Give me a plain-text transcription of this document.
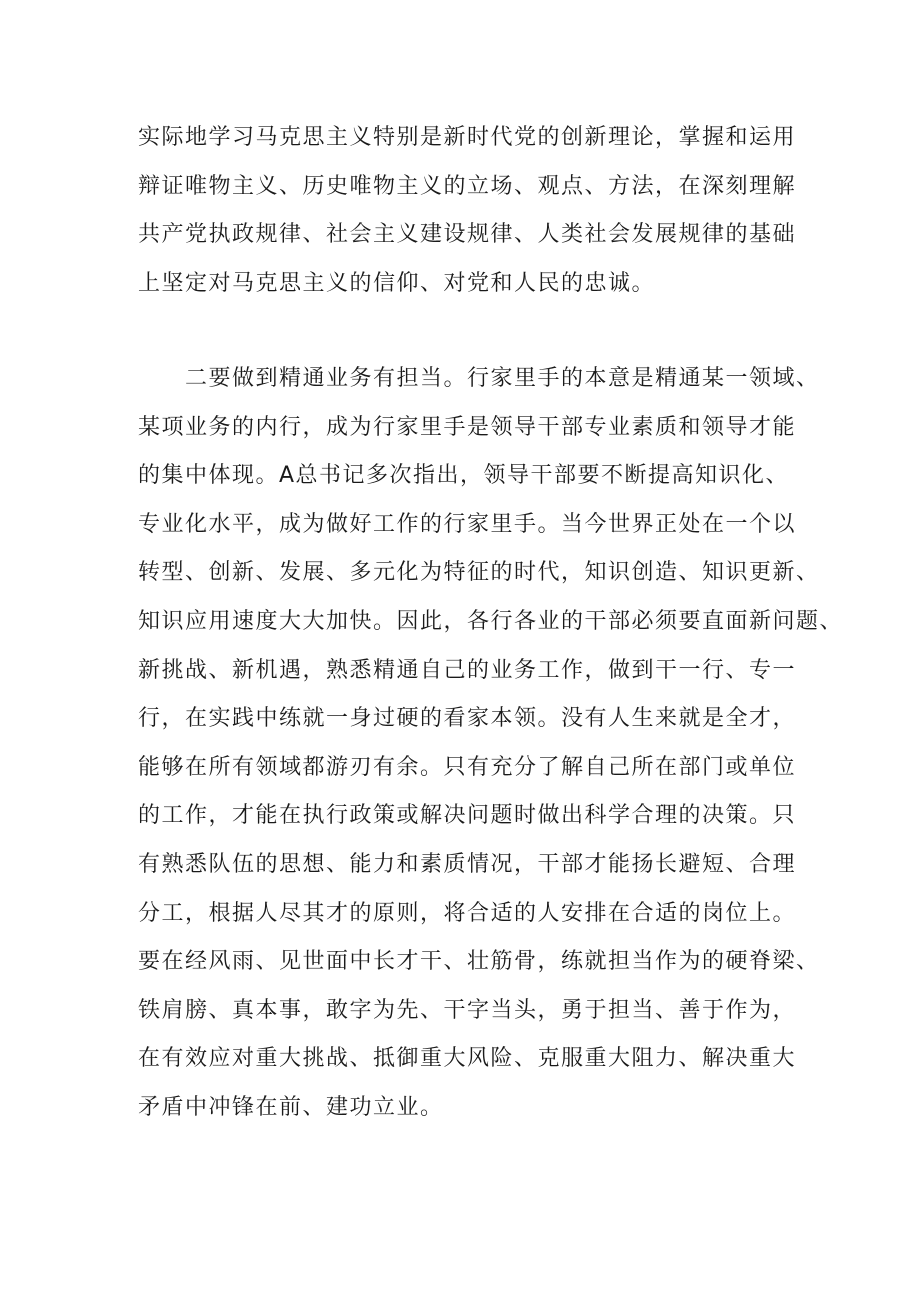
实际地学习马克思主义特别是新时代党的创新理论，掌握和运用
辩证唯物主义、历史唯物主义的立场、观点、方法，在深刻理解
共产党执政规律、社会主义建设规律、人类社会发展规律的基础
上坚定对马克思主义的信仰、对党和人民的忠诚。

　　二要做到精通业务有担当。行家里手的本意是精通某一领域、
某项业务的内行，成为行家里手是领导干部专业素质和领导才能
的集中体现。A总书记多次指出，领导干部要不断提高知识化、
专业化水平，成为做好工作的行家里手。当今世界正处在一个以
转型、创新、发展、多元化为特征的时代，知识创造、知识更新、
知识应用速度大大加快。因此，各行各业的干部必须要直面新问题、
新挑战、新机遇，熟悉精通自己的业务工作，做到干一行、专一
行，在实践中练就一身过硬的看家本领。没有人生来就是全才，
能够在所有领域都游刃有余。只有充分了解自己所在部门或单位
的工作，才能在执行政策或解决问题时做出科学合理的决策。只
有熟悉队伍的思想、能力和素质情况，干部才能扬长避短、合理
分工，根据人尽其才的原则，将合适的人安排在合适的岗位上。
要在经风雨、见世面中长才干、壮筋骨，练就担当作为的硬脊梁、
铁肩膀、真本事，敢字为先、干字当头，勇于担当、善于作为，
在有效应对重大挑战、抵御重大风险、克服重大阻力、解决重大
矛盾中冲锋在前、建功立业。
